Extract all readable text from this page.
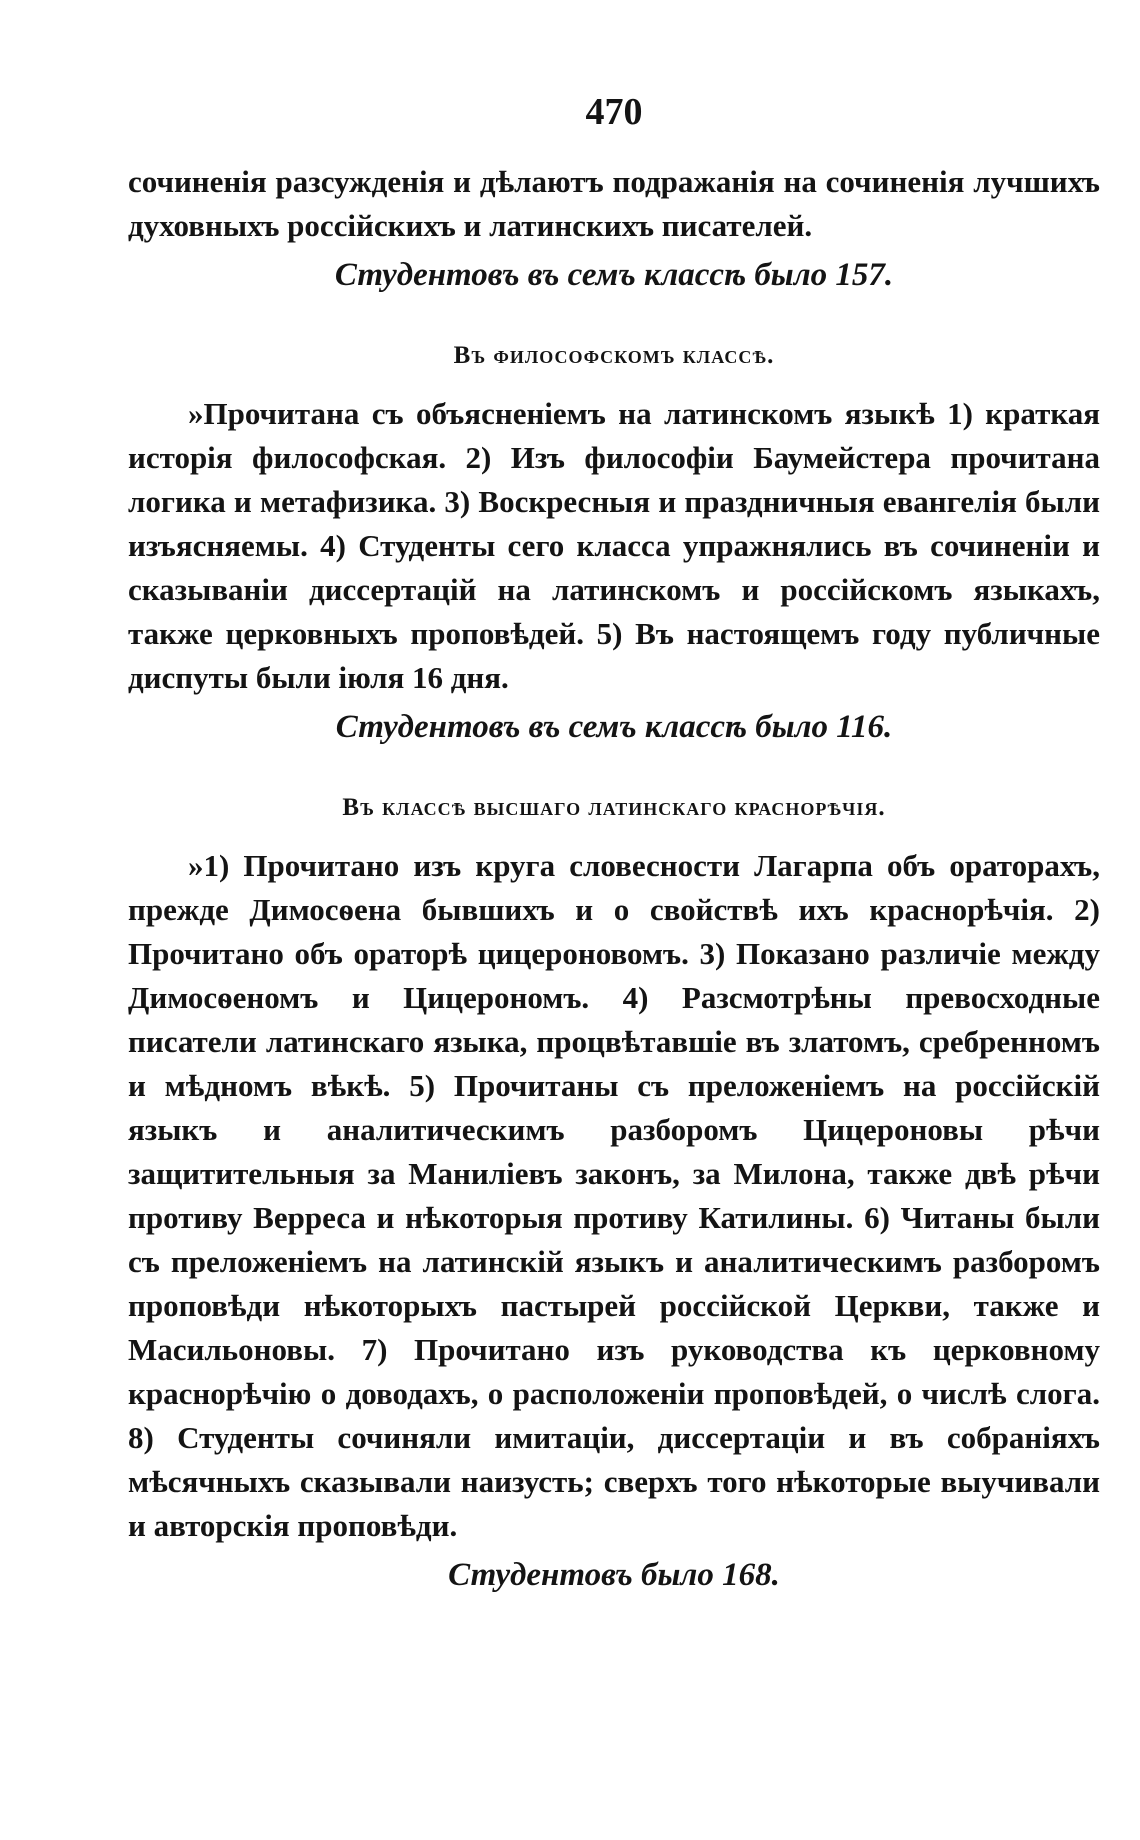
470

сочиненія разсужденія и дѣлаютъ подражанія на сочиненія лучшихъ духовныхъ россійскихъ и латинскихъ писателей.

Студентовъ въ семъ классѣ было 157.

Въ философскомъ классѣ.

»Прочитана съ объясненіемъ на латинскомъ языкѣ 1) краткая исторія философская. 2) Изъ философіи Баумейстера прочитана логика и метафизика. 3) Воскресныя и праздничныя евангелія были изъясняемы. 4) Студенты сего класса упражнялись въ сочиненіи и сказываніи диссертацій на латинскомъ и россійскомъ языкахъ, также церковныхъ проповѣдей. 5) Въ настоящемъ году публичные диспуты были іюля 16 дня.

Студентовъ въ семъ классѣ было 116.

Въ классѣ высшаго латинскаго краснорѣчія.

»1) Прочитано изъ круга словесности Лагарпа объ ораторахъ, прежде Димосѳена бывшихъ и о свойствѣ ихъ краснорѣчія. 2) Прочитано объ ораторѣ цицероновомъ. 3) Показано различіе между Димосѳеномъ и Цицерономъ. 4) Разсмотрѣны превосходные писатели латинскаго языка, процвѣтавшіе въ златомъ, сребренномъ и мѣдномъ вѣкѣ. 5) Прочитаны съ преложеніемъ на россійскій языкъ и аналитическимъ разборомъ Цицероновы рѣчи защитительныя за Маниліевъ законъ, за Милона, также двѣ рѣчи противу Верреса и нѣкоторыя противу Катилины. 6) Читаны были съ преложеніемъ на латинскій языкъ и аналитическимъ разборомъ проповѣди нѣкоторыхъ пастырей россійской Церкви, также и Масильоновы. 7) Прочитано изъ руководства къ церковному краснорѣчію о доводахъ, о расположеніи проповѣдей, о числѣ слога. 8) Студенты сочиняли имитаціи, диссертаціи и въ собраніяхъ мѣсячныхъ сказывали наизусть; сверхъ того нѣкоторые выучивали и авторскія проповѣди.

Студентовъ было 168.
